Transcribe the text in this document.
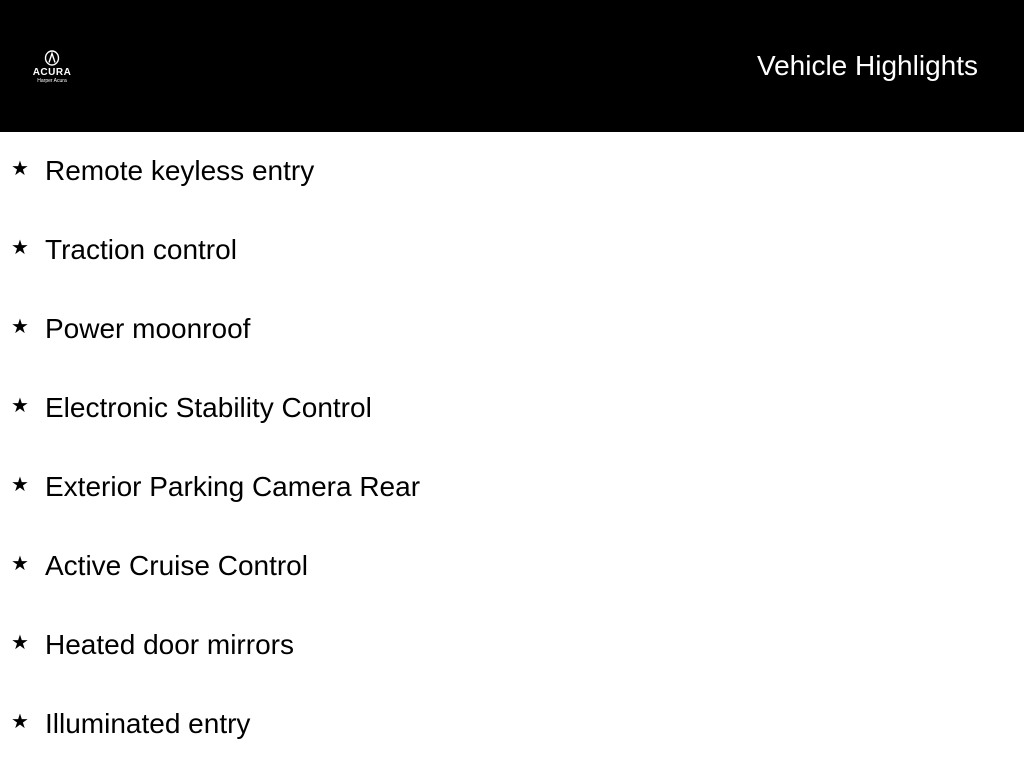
ACURA
Harper Acura	Vehicle Highlights
★ Remote keyless entry
★ Traction control
★ Power moonroof
★ Electronic Stability Control
★ Exterior Parking Camera Rear
★ Active Cruise Control
★ Heated door mirrors
★ Illuminated entry
